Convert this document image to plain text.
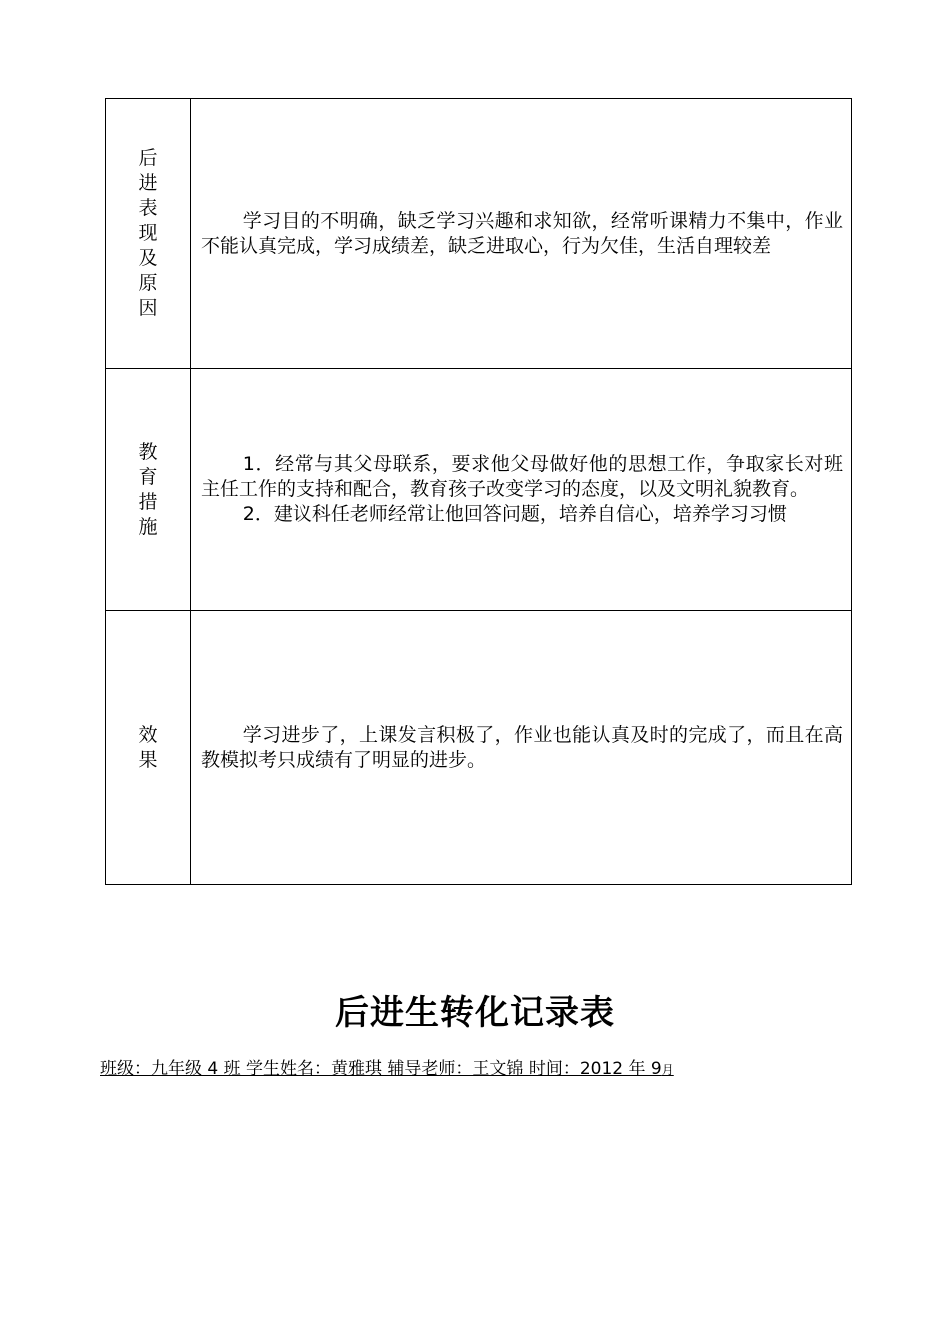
后进表现及原因	学习目的不明确，缺乏学习兴趣和求知欲，经常听课精力不集中，作业不能认真完成，学习成绩差，缺乏进取心，行为欠佳，生活自理较差

教育措施	1．经常与其父母联系，要求他父母做好他的思想工作，争取家长对班主任工作的支持和配合，教育孩子改变学习的态度，以及文明礼貌教育。

2．建议科任老师经常让他回答问题，培养自信心，培养学习习惯

效果	学习进步了，上课发言积极了，作业也能认真及时的完成了，而且在高教模拟考只成绩有了明显的进步。

后进生转化记录表
班级：九年级 4 班 学生姓名：黄雅琪 辅导老师：王文锦 时间：2012 年 9月
